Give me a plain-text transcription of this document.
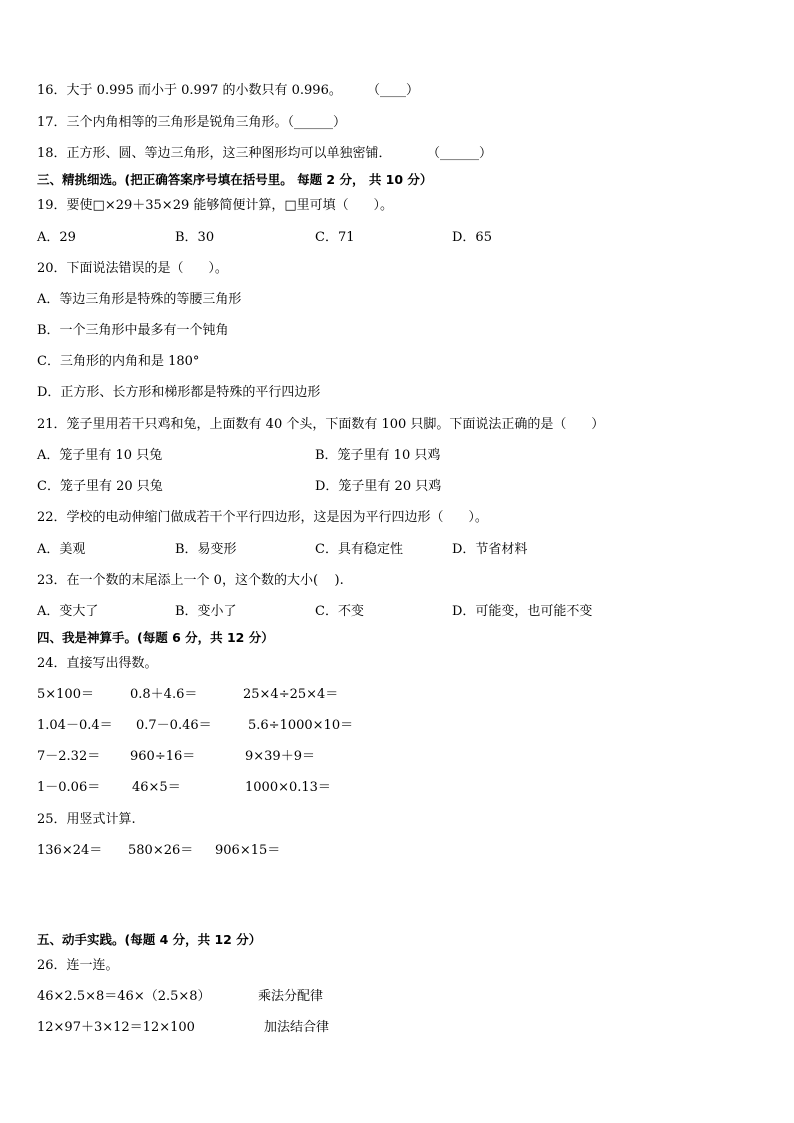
16．大于 0.995 而小于 0.997 的小数只有 0.996。 （____）
17．三个内角相等的三角形是锐角三角形。（______）
18．正方形、圆、等边三角形，这三种图形均可以单独密铺．	（______）
三、精挑细选。(把正确答案序号填在括号里。 每题 2 分， 共 10 分）
19．要使□×29＋35×29 能够简便计算，□里可填（      ）。
A．29	B．30	C．71	D．65
20．下面说法错误的是（      ）。
A．等边三角形是特殊的等腰三角形
B．一个三角形中最多有一个钝角
C．三角形的内角和是 180°
D．正方形、长方形和梯形都是特殊的平行四边形
21．笼子里用若干只鸡和兔，上面数有 40 个头，下面数有 100 只脚。下面说法正确的是（      ）
A．笼子里有 10 只兔	B．笼子里有 10 只鸡
C．笼子里有 20 只兔	D．笼子里有 20 只鸡
22．学校的电动伸缩门做成若干个平行四边形，这是因为平行四边形（      ）。
A．美观	B．易变形	C．具有稳定性	D．节省材料
23．在一个数的末尾添上一个 0，这个数的大小(    ).
A．变大了	B．变小了	C．不变	D．可能变，也可能不变
四、我是神算手。(每题 6 分，共 12 分）
24．直接写出得数。
5×100＝	0.8＋4.6＝	25×4÷25×4＝
1.04－0.4＝ 0.7－0.46＝	5.6÷1000×10＝
7－2.32＝ 960÷16＝	9×39＋9＝
1－0.06＝ 46×5＝	1000×0.13＝
25．用竖式计算.
136×24＝ 580×26＝ 906×15＝
五、动手实践。(每题 4 分，共 12 分）
26．连一连。
46×2.5×8＝46×（2.5×8）	乘法分配律
12×97＋3×12＝12×100	加法结合律
